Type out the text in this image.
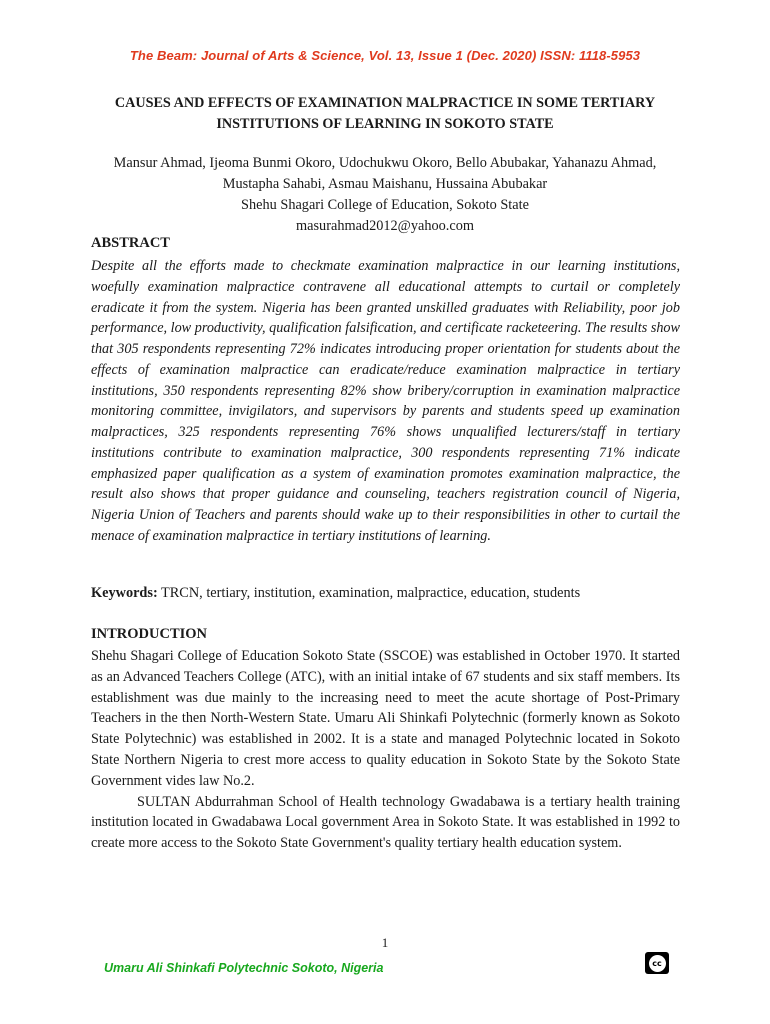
The Beam: Journal of Arts & Science, Vol. 13, Issue 1 (Dec. 2020) ISSN: 1118-5953
CAUSES AND EFFECTS OF EXAMINATION MALPRACTICE IN SOME TERTIARY
INSTITUTIONS OF LEARNING IN SOKOTO STATE
Mansur Ahmad, Ijeoma Bunmi Okoro, Udochukwu Okoro, Bello Abubakar, Yahanazu Ahmad,
Mustapha Sahabi, Asmau Maishanu, Hussaina Abubakar
Shehu Shagari College of Education, Sokoto State
masurahmad2012@yahoo.com
ABSTRACT
Despite all the efforts made to checkmate examination malpractice in our learning institutions, woefully examination malpractice contravene all educational attempts to curtail or completely eradicate it from the system. Nigeria has been granted unskilled graduates with Reliability, poor job performance, low productivity, qualification falsification, and certificate racketeering. The results show that 305 respondents representing 72% indicates introducing proper orientation for students about the effects of examination malpractice can eradicate/reduce examination malpractice in tertiary institutions, 350 respondents representing 82% show bribery/corruption in examination malpractice monitoring committee, invigilators, and supervisors by parents and students speed up examination malpractices, 325 respondents representing 76% shows unqualified lecturers/staff in tertiary institutions contribute to examination malpractice, 300 respondents representing 71% indicate emphasized paper qualification as a system of examination promotes examination malpractice, the result also shows that proper guidance and counseling, teachers registration council of Nigeria, Nigeria Union of Teachers and parents should wake up to their responsibilities in other to curtail the menace of examination malpractice in tertiary institutions of learning.
Keywords: TRCN, tertiary, institution, examination, malpractice, education, students
INTRODUCTION

Shehu Shagari College of Education Sokoto State (SSCOE) was established in October 1970. It started as an Advanced Teachers College (ATC), with an initial intake of 67 students and six staff members. Its establishment was due mainly to the increasing need to meet the acute shortage of Post-Primary Teachers in the then North-Western State. Umaru Ali Shinkafi Polytechnic (formerly known as Sokoto State Polytechnic) was established in 2002. It is a state and managed Polytechnic located in Sokoto State Northern Nigeria to crest more access to quality education in Sokoto State by the Sokoto State Government vides law No.2.

SULTAN Abdurrahman School of Health technology Gwadabawa is a tertiary health training institution located in Gwadabawa Local government Area in Sokoto State. It was established in 1992 to create more access to the Sokoto State Government's quality tertiary health education system.

1
Umaru Ali Shinkafi Polytechnic Sokoto, Nigeria	cc
